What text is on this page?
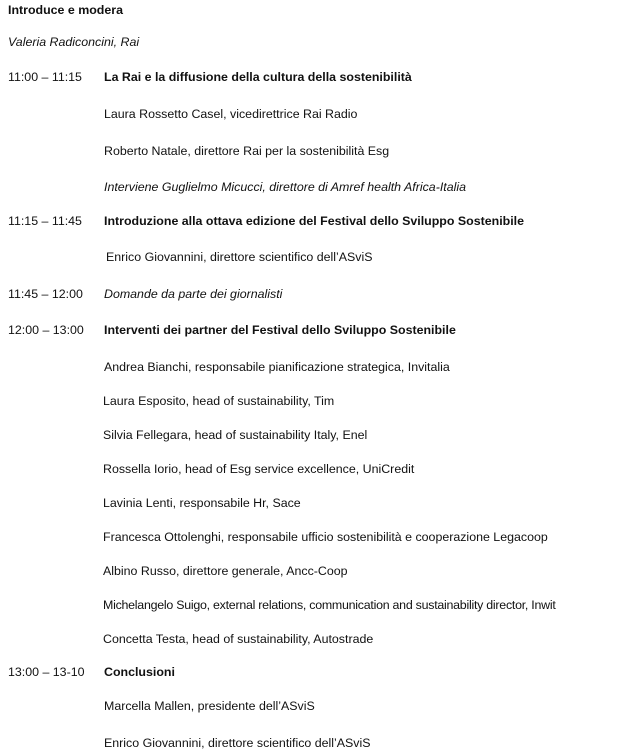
Introduce e modera
Valeria Radiconcini, Rai
11:00 – 11:15 La Rai e la diffusione della cultura della sostenibilità
Laura Rossetto Casel, vicedirettrice Rai Radio
Roberto Natale, direttore Rai per la sostenibilità Esg
Interviene Guglielmo Micucci, direttore di Amref health Africa-Italia
11:15 – 11:45 Introduzione alla ottava edizione del Festival dello Sviluppo Sostenibile
Enrico Giovannini, direttore scientifico dell’ASviS
11:45 – 12:00 Domande da parte dei giornalisti
12:00 – 13:00 Interventi dei partner del Festival dello Sviluppo Sostenibile
Andrea Bianchi, responsabile pianificazione strategica, Invitalia
Laura Esposito, head of sustainability, Tim
Silvia Fellegara, head of sustainability Italy, Enel
Rossella Iorio, head of Esg service excellence, UniCredit
Lavinia Lenti, responsabile Hr, Sace
Francesca Ottolenghi, responsabile ufficio sostenibilità e cooperazione Legacoop
Albino Russo, direttore generale, Ancc-Coop
Michelangelo Suigo, external relations, communication and sustainability director, Inwit
Concetta Testa, head of sustainability, Autostrade
13:00 – 13-10 Conclusioni
Marcella Mallen, presidente dell’ASviS
Enrico Giovannini, direttore scientifico dell’ASviS
